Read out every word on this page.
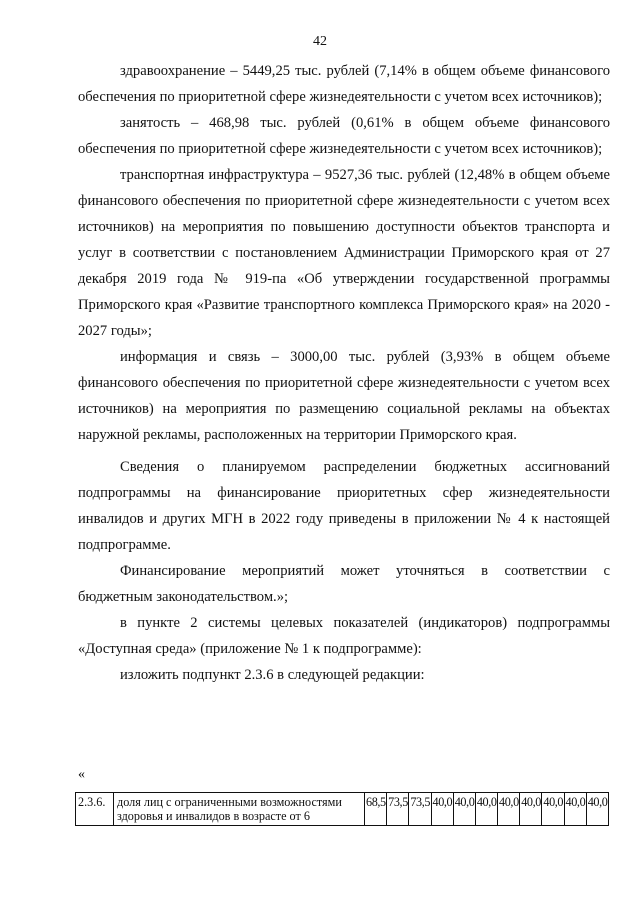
42

здравоохранение – 5449,25 тыс. рублей (7,14% в общем объеме финансового обеспечения по приоритетной сфере жизнедеятельности с учетом всех источников);

занятость – 468,98 тыс. рублей (0,61% в общем объеме финансового обеспечения по приоритетной сфере жизнедеятельности с учетом всех источников);

транспортная инфраструктура – 9527,36 тыс. рублей (12,48% в общем объеме финансового обеспечения по приоритетной сфере жизнедеятельности с учетом всех источников) на мероприятия по повышению доступности объектов транспорта и услуг в соответствии с постановлением Администрации Приморского края от 27 декабря 2019 года № 919-па «Об утверждении государственной программы Приморского края «Развитие транспортного комплекса Приморского края» на 2020 - 2027 годы»;

информация и связь – 3000,00 тыс. рублей (3,93% в общем объеме финансового обеспечения по приоритетной сфере жизнедеятельности с учетом всех источников) на мероприятия по размещению социальной рекламы на объектах наружной рекламы, расположенных на территории Приморского края.

Сведения о планируемом распределении бюджетных ассигнований подпрограммы на финансирование приоритетных сфер жизнедеятельности инвалидов и других МГН в 2022 году приведены в приложении № 4 к настоящей подпрограмме.

Финансирование мероприятий может уточняться в соответствии с бюджетным законодательством.»;

в пункте 2 системы целевых показателей (индикаторов) подпрограммы «Доступная среда» (приложение № 1 к подпрограмме):

изложить подпункт 2.3.6 в следующей редакции:

«
2.3.6.	доля лиц с ограниченными возможностями здоровья и инвалидов в возрасте от 6	68,5	73,5	73,5	40,0	40,0	40,0	40,0	40,0	40,0	40,0	40,0
